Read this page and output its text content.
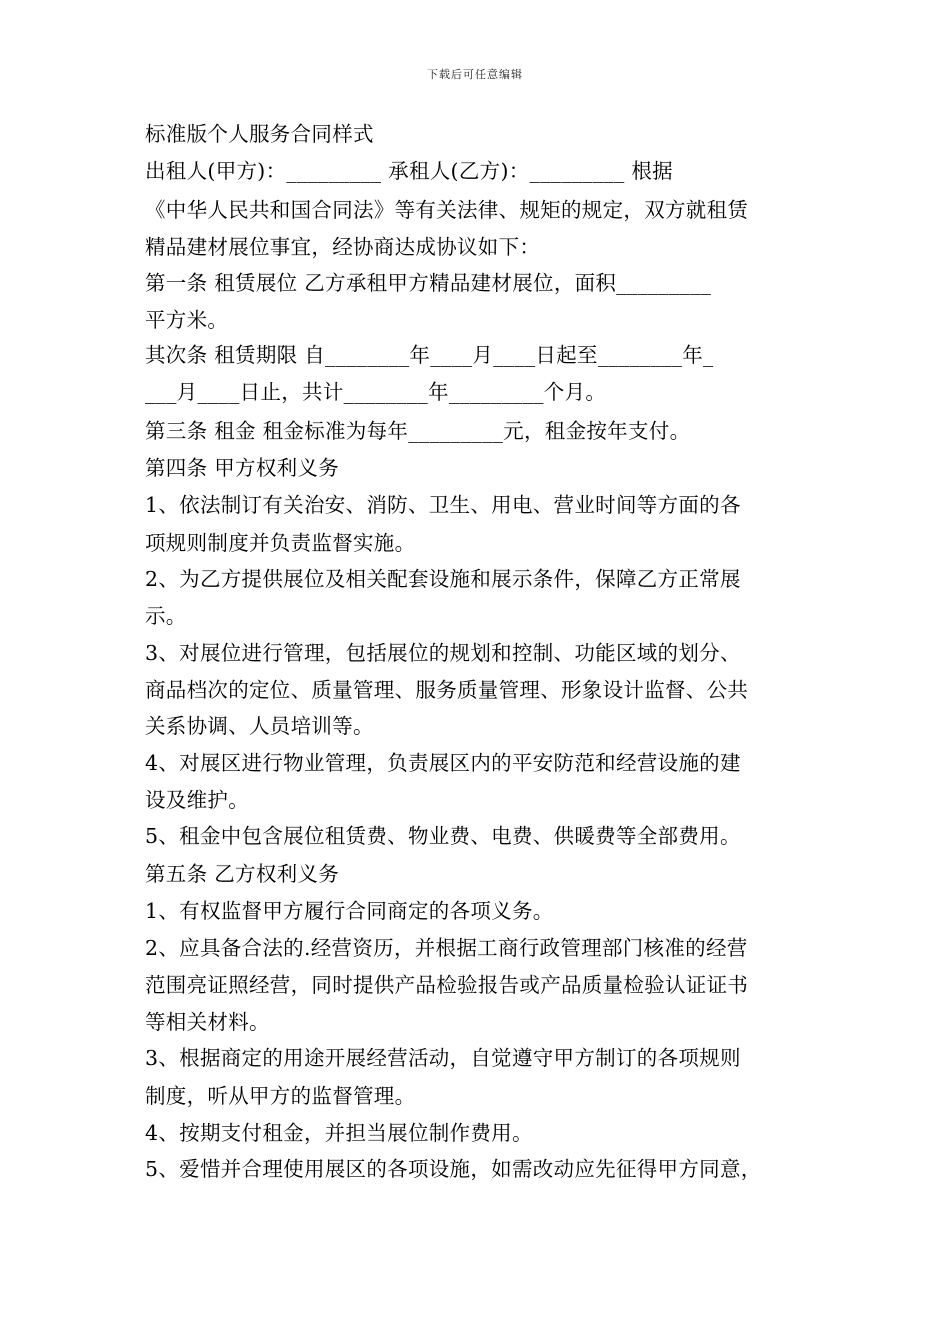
下载后可任意编辑
标准版个人服务合同样式
出租人(甲方)：_________ 承租人(乙方)：_________ 根据
《中华人民共和国合同法》等有关法律、规矩的规定，双方就租赁
精品建材展位事宜，经协商达成协议如下：
第一条 租赁展位 乙方承租甲方精品建材展位，面积_________
平方米。
其次条 租赁期限 自________年____月____日起至________年_
___月____日止，共计________年_________个月。
第三条 租金 租金标准为每年_________元，租金按年支付。
第四条 甲方权利义务
1、依法制订有关治安、消防、卫生、用电、营业时间等方面的各
项规则制度并负责监督实施。
2、为乙方提供展位及相关配套设施和展示条件，保障乙方正常展
示。
3、对展位进行管理，包括展位的规划和控制、功能区域的划分、
商品档次的定位、质量管理、服务质量管理、形象设计监督、公共
关系协调、人员培训等。
4、对展区进行物业管理，负责展区内的平安防范和经营设施的建
设及维护。
5、租金中包含展位租赁费、物业费、电费、供暖费等全部费用。
第五条 乙方权利义务
1、有权监督甲方履行合同商定的各项义务。
2、应具备合法的.经营资历，并根据工商行政管理部门核准的经营
范围亮证照经营，同时提供产品检验报告或产品质量检验认证证书
等相关材料。
3、根据商定的用途开展经营活动，自觉遵守甲方制订的各项规则
制度，听从甲方的监督管理。
4、按期支付租金，并担当展位制作费用。
5、爱惜并合理使用展区的各项设施，如需改动应先征得甲方同意，
